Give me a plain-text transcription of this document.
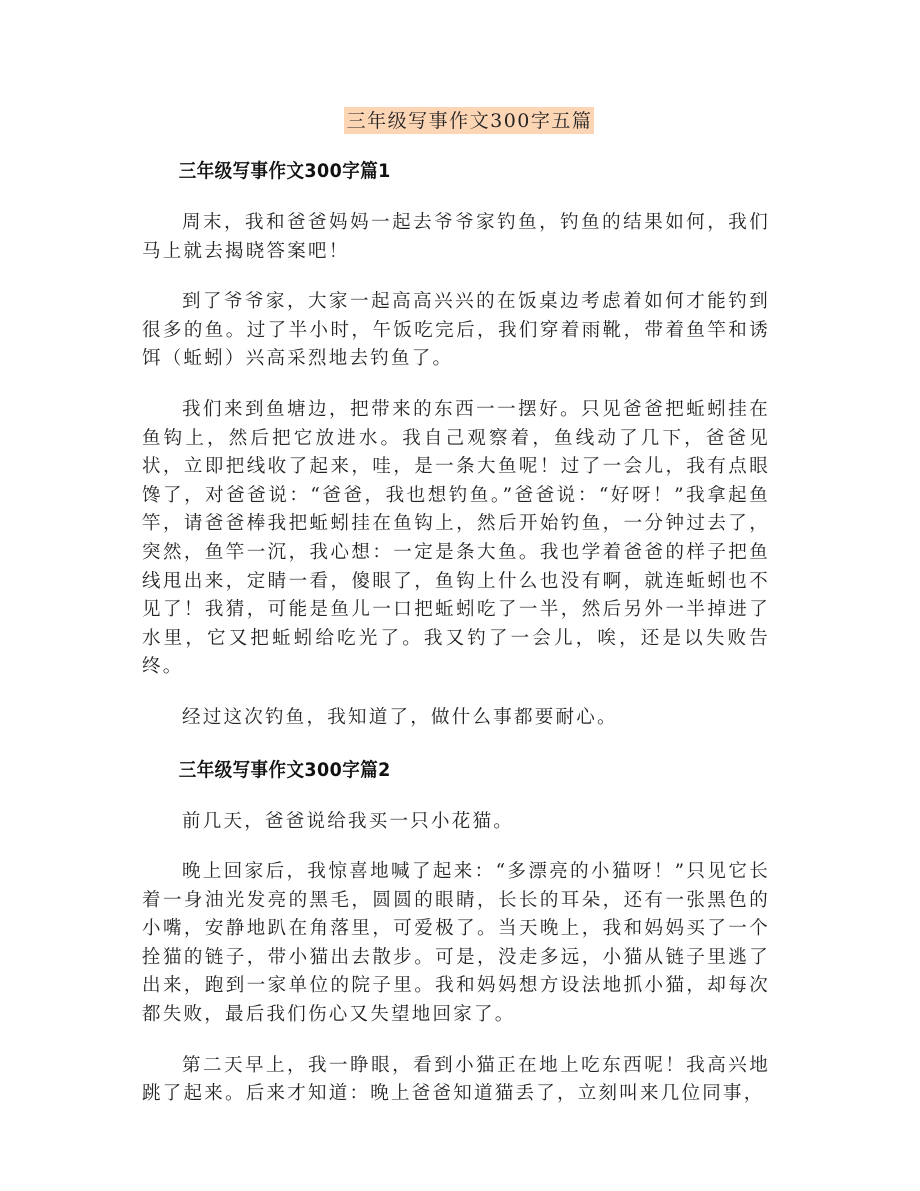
三年级写事作文300字五篇
三年级写事作文300字篇1

周末，我和爸爸妈妈一起去爷爷家钓鱼，钓鱼的结果如何，我们马上就去揭晓答案吧！

到了爷爷家，大家一起高高兴兴的在饭桌边考虑着如何才能钓到很多的鱼。过了半小时，午饭吃完后，我们穿着雨靴，带着鱼竿和诱饵（蚯蚓）兴高采烈地去钓鱼了。

我们来到鱼塘边，把带来的东西一一摆好。只见爸爸把蚯蚓挂在鱼钩上，然后把它放进水。我自己观察着，鱼线动了几下，爸爸见状，立即把线收了起来，哇，是一条大鱼呢！过了一会儿，我有点眼馋了，对爸爸说：“爸爸，我也想钓鱼。”爸爸说：“好呀！”我拿起鱼竿，请爸爸棒我把蚯蚓挂在鱼钩上，然后开始钓鱼，一分钟过去了，突然，鱼竿一沉，我心想：一定是条大鱼。我也学着爸爸的样子把鱼线甩出来，定睛一看，傻眼了，鱼钩上什么也没有啊，就连蚯蚓也不见了！我猜，可能是鱼儿一口把蚯蚓吃了一半，然后另外一半掉进了水里，它又把蚯蚓给吃光了。我又钓了一会儿，唉，还是以失败告终。

经过这次钓鱼，我知道了，做什么事都要耐心。

三年级写事作文300字篇2

前几天，爸爸说给我买一只小花猫。

晚上回家后，我惊喜地喊了起来：“多漂亮的小猫呀！”只见它长着一身油光发亮的黑毛，圆圆的眼睛，长长的耳朵，还有一张黑色的小嘴，安静地趴在角落里，可爱极了。当天晚上，我和妈妈买了一个拴猫的链子，带小猫出去散步。可是，没走多远，小猫从链子里逃了出来，跑到一家单位的院子里。我和妈妈想方设法地抓小猫，却每次都失败，最后我们伤心又失望地回家了。

第二天早上，我一睁眼，看到小猫正在地上吃东西呢！我高兴地跳了起来。后来才知道：晚上爸爸知道猫丢了，立刻叫来几位同事，
